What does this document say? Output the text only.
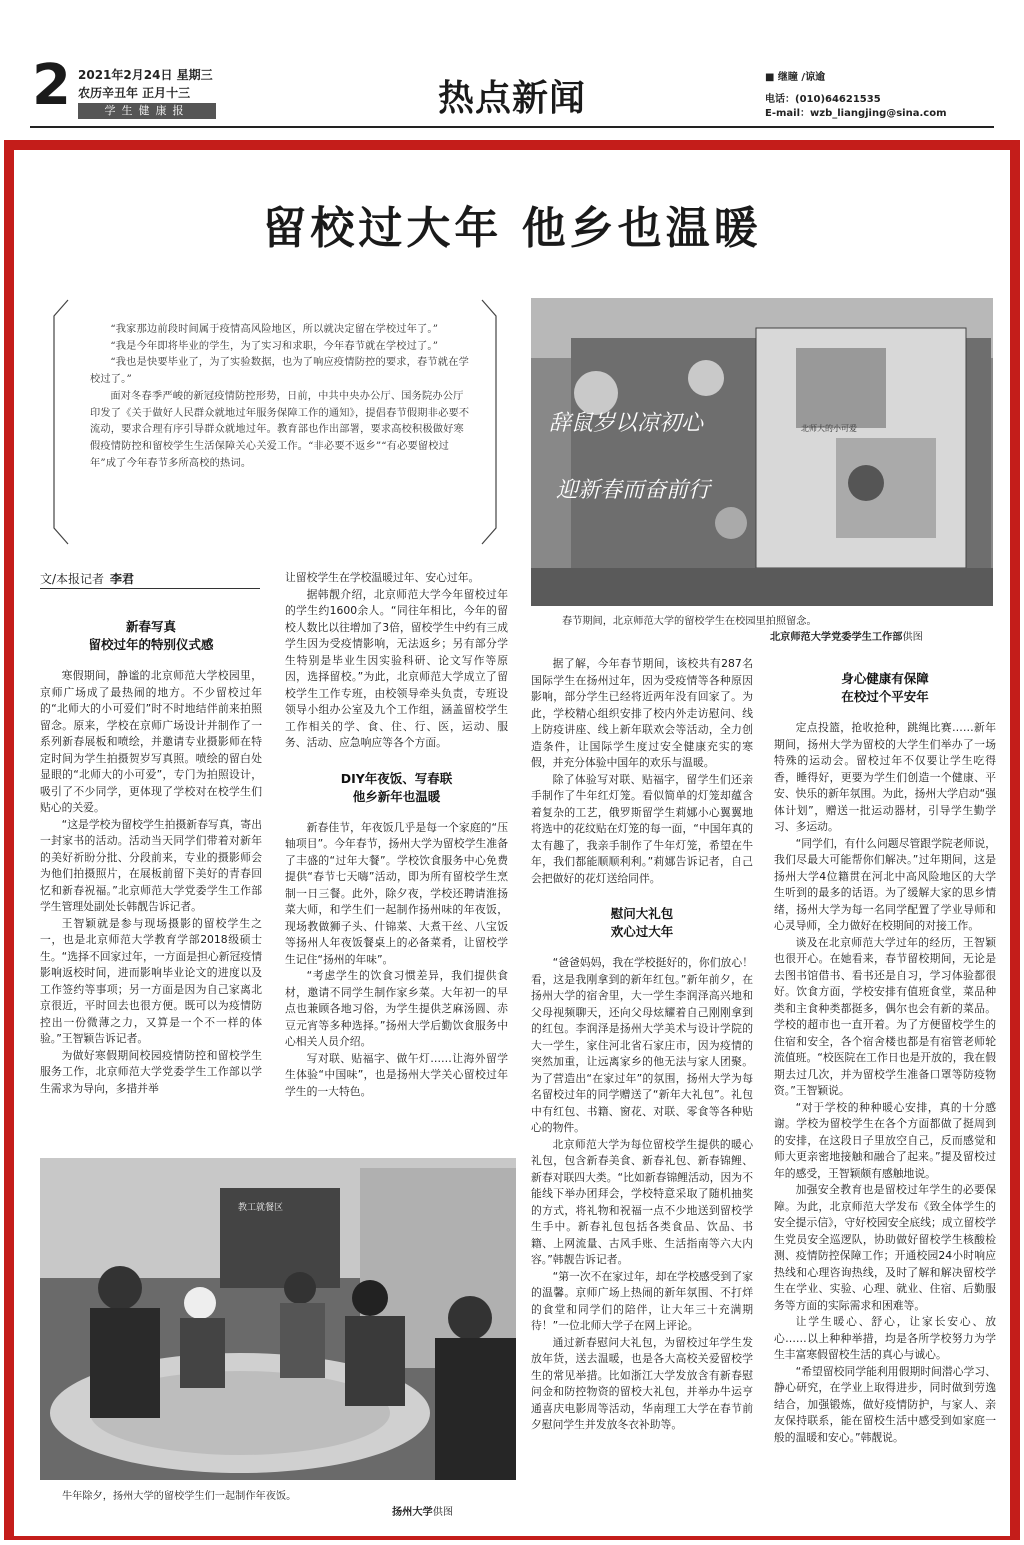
2 2021年2月24日 星期三
农历辛丑年 正月十三
学生健康报	热点新闻	■ 继瞳 /谅逾
电话：(010)64621535
E-mail：wzb_liangjing@sina.com
留校过大年 他乡也温暖

“我家那边前段时间属于疫情高风险地区，所以就决定留在学校过年了。”

“我是今年即将毕业的学生，为了实习和求职，今年春节就在学校过了。”

“我也是快要毕业了，为了实验数据，也为了响应疫情防控的要求，春节就在学校过了。”

面对冬春季严峻的新冠疫情防控形势，日前，中共中央办公厅、国务院办公厅印发了《关于做好人民群众就地过年服务保障工作的通知》，提倡春节假期非必要不流动，要求合理有序引导群众就地过年。教育部也作出部署，要求高校积极做好寒假疫情防控和留校学生生活保障关心关爱工作。“非必要不返乡”“有必要留校过年”成了今年春节多所高校的热词。

文/本报记者 李君
新春写真
留校过年的特别仪式感

寒假期间，静谧的北京师范大学校园里，京师广场成了最热闹的地方。不少留校过年的“北师大的小可爱们”时不时地结伴前来拍照留念。原来，学校在京师广场设计并制作了一系列新春展板和喷绘，并邀请专业摄影师在特定时间为学生拍摄贺岁写真照。喷绘的留白处显眼的“北师大的小可爱”，专门为拍照设计，吸引了不少同学，更体现了学校对在校学生们贴心的关爱。

“这是学校为留校学生拍摄新春写真，寄出一封家书的活动。活动当天同学们带着对新年的美好祈盼分批、分段前来，专业的摄影师会为他们拍摄照片，在展板前留下美好的青春回忆和新春祝福。”北京师范大学党委学生工作部学生管理处副处长韩靓告诉记者。

王智颖就是参与现场摄影的留校学生之一，也是北京师范大学教育学部2018级硕士生。“选择不回家过年，一方面是担心新冠疫情影响返校时间，进而影响毕业论文的进度以及工作签约等事项；另一方面是因为自己家离北京很近，平时回去也很方便。既可以为疫情防控出一份微薄之力，又算是一个不一样的体验。”王智颖告诉记者。

为做好寒假期间校园疫情防控和留校学生服务工作，北京师范大学党委学生工作部以学生需求为导向，多措并举

让留校学生在学校温暖过年、安心过年。

据韩靓介绍，北京师范大学今年留校过年的学生约1600余人。“同往年相比，今年的留校人数比以往增加了3倍，留校学生中约有三成学生因为受疫情影响，无法返乡；另有部分学生特别是毕业生因实验科研、论文写作等原因，选择留校。”为此，北京师范大学成立了留校学生工作专班，由校领导牵头负责，专班设领导小组办公室及九个工作组，涵盖留校学生工作相关的学、食、住、行、医，运动、服务、活动、应急响应等各个方面。

DIY年夜饭、写春联
他乡新年也温暖

新春佳节，年夜饭几乎是每一个家庭的“压轴项目”。今年春节，扬州大学为留校学生准备了丰盛的“过年大餐”。学校饮食服务中心免费提供“春节七天嗨”活动，即为所有留校学生烹制一日三餐。此外，除夕夜，学校还聘请淮扬菜大师，和学生们一起制作扬州味的年夜饭，现场教做狮子头、什锦菜、大煮干丝、八宝饭等扬州人年夜饭餐桌上的必备菜肴，让留校学生记住“扬州的年味”。

“考虑学生的饮食习惯差异，我们提供食材，邀请不同学生制作家乡菜。大年初一的早点也兼顾各地习俗，为学生提供芝麻汤圆、赤豆元宵等多种选择。”扬州大学后勤饮食服务中心相关人员介绍。

写对联、贴福字、做午灯……让海外留学生体验“中国味”，也是扬州大学关心留校过年学生的一大特色。

辞鼠岁以凉初心
迎新春而奋前行
北师大的小可爱
春节期间，北京师范大学的留校学生在校园里拍照留念。
北京师范大学党委学生工作部供图

据了解，今年春节期间，该校共有287名国际学生在扬州过年，因为受疫情等各种原因影响，部分学生已经将近两年没有回家了。为此，学校精心组织安排了校内外走访慰问、线上防疫讲座、线上新年联欢会等活动，全力创造条件，让国际学生度过安全健康充实的寒假，并充分体验中国年的欢乐与温暖。

除了体验写对联、贴福字，留学生们还亲手制作了牛年红灯笼。看似简单的灯笼却蕴含着复杂的工艺，俄罗斯留学生莉娜小心翼翼地将选中的花纹贴在灯笼的每一面，“中国年真的太有趣了，我亲手制作了牛年灯笼，希望在牛年，我们都能顺顺利利。”莉娜告诉记者，自己会把做好的花灯送给同伴。

慰问大礼包
欢心过大年

“爸爸妈妈，我在学校挺好的，你们放心！看，这是我刚拿到的新年红包。”新年前夕，在扬州大学的宿舍里，大一学生李润泽高兴地和父母视频聊天，还向父母炫耀着自己刚刚拿到的红包。李润泽是扬州大学美术与设计学院的大一学生，家住河北省石家庄市，因为疫情的突然加重，让远离家乡的他无法与家人团聚。为了营造出“在家过年”的氛围，扬州大学为每名留校过年的同学赠送了“新年大礼包”。礼包中有红包、书籍、窗花、对联、零食等各种贴心的物件。

北京师范大学为每位留校学生提供的暖心礼包，包含新春美食、新春礼包、新春锦鲤、新春对联四大类。“比如新春锦鲤活动，因为不能线下举办团拜会，学校特意采取了随机抽奖的方式，将礼物和祝福一点不少地送到留校学生手中。新春礼包包括各类食品、饮品、书籍、上网流量、古风手账、生活指南等六大内容。”韩靓告诉记者。

“第一次不在家过年，却在学校感受到了家的温馨。京师广场上热闹的新年氛围、不打烊的食堂和同学们的陪伴，让大年三十充满期待！”一位北师大学子在网上评论。

通过新春慰问大礼包，为留校过年学生发放年货，送去温暖，也是各大高校关爱留校学生的常见举措。比如浙江大学发放含有新春慰问金和防控物资的留校大礼包，并举办牛运亨通喜庆电影周等活动，华南理工大学在春节前夕慰问学生并发放冬衣补助等。

身心健康有保障
在校过个平安年

定点投篮，抢收抢种，跳绳比赛……新年期间，扬州大学为留校的大学生们举办了一场特殊的运动会。留校过年不仅要让学生吃得香，睡得好，更要为学生们创造一个健康、平安、快乐的新年氛围。为此，扬州大学启动“强体计划”，赠送一批运动器材，引导学生勤学习、多运动。

“同学们，有什么问题尽管跟学院老师说，我们尽最大可能帮你们解决。”过年期间，这是扬州大学4位籍贯在河北中高风险地区的大学生听到的最多的话语。为了缓解大家的思乡情绪，扬州大学为每一名同学配置了学业导师和心灵导师，全力做好在校期间的对接工作。

谈及在北京师范大学过年的经历，王智颖也很开心。在她看来，春节留校期间，无论是去图书馆借书、看书还是自习，学习体验都很好。饮食方面，学校安排有值班食堂，菜品种类和主食种类都挺多，偶尔也会有新的菜品。学校的超市也一直开着。为了方便留校学生的住宿和安全，各个宿舍楼也都是有宿管老师轮流值班。“校医院在工作日也是开放的，我在假期去过几次，并为留校学生准备口罩等防疫物资。”王智颖说。

“对于学校的种种暖心安排，真的十分感谢。学校为留校学生在各个方面都做了挺周到的安排，在这段日子里放空自己，反而感觉和师大更亲密地接触和融合了起来。”提及留校过年的感受，王智颖颇有感触地说。

加强安全教育也是留校过年学生的必要保障。为此，北京师范大学发布《致全体学生的安全提示信》，守好校园安全底线；成立留校学生党员安全巡逻队，协助做好留校学生核酸检测、疫情防控保障工作；开通校园24小时响应热线和心理咨询热线，及时了解和解决留校学生在学业、实验、心理、就业、住宿、后勤服务等方面的实际需求和困难等。

让学生暖心、舒心，让家长安心、放心……以上种种举措，均是各所学校努力为学生丰富寒假留校生活的真心与诚心。

“希望留校同学能利用假期时间潜心学习、静心研究，在学业上取得进步，同时做到劳逸结合，加强锻炼，做好疫情防护，与家人、亲友保持联系，能在留校生活中感受到如家庭一般的温暖和安心。”韩靓说。

教工就餐区
牛年除夕，扬州大学的留校学生们一起制作年夜饭。
扬州大学供图
